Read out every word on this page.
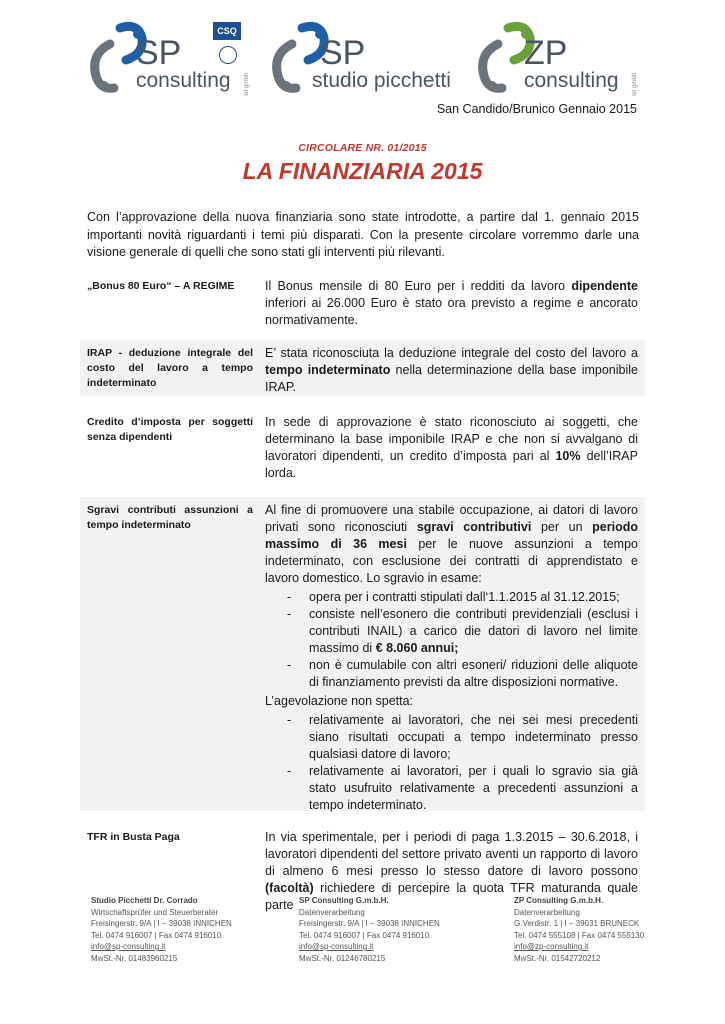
SP
consulting srl gmbh
CSQ
SP
studio picchetti
ZP
consulting srl gmbh
San Candido/Brunico Gennaio 2015
CIRCOLARE NR. 01/2015
LA FINANZIARIA 2015
Con l’approvazione della nuova finanziaria sono state introdotte, a partire dal 1. gennaio 2015 importanti novità riguardanti i temi più disparati. Con la presente circolare vorremmo darle una visione generale di quelli che sono stati gli interventi più rilevanti.
„Bonus 80 Euro“ – A REGIME	Il Bonus mensile di 80 Euro per i redditi da lavoro dipendente inferiori ai 26.000 Euro è stato ora previsto a regime e ancorato normativamente.
IRAP - deduzione integrale del costo del lavoro a tempo indeterminato
E’ stata riconosciuta la deduzione integrale del costo del lavoro a tempo indeterminato nella determinazione della base imponibile IRAP.
Credito d’imposta per soggetti senza dipendenti
In sede di approvazione è stato riconosciuto ai soggetti, che determinano la base imponibile IRAP e che non si avvalgano di lavoratori dipendenti, un credito d’imposta pari al 10% dell’IRAP lorda.
Sgravi contributi assunzioni a tempo indeterminato

Al fine di promuovere una stabile occupazione, ai datori di lavoro privati sono riconosciuti sgravi contributivi per un periodo massimo di 36 mesi per le nuove assunzioni a tempo indeterminato, con esclusione dei contratti di apprendistato e lavoro domestico. Lo sgravio in esame:

- opera per i contratti stipulati dall‘1.1.2015 al 31.12.2015;
- consiste nell’esonero die contributi previdenziali (esclusi i contributi INAIL) a carico die datori di lavoro nel limite massimo di € 8.060 annui;
- non è cumulabile con altri esoneri/ riduzioni delle aliquote di finanziamento previsti da altre disposizioni normative.

L’agevolazione non spetta:

- relativamente ai lavoratori, che nei sei mesi precedenti siano risultati occupati a tempo indeterminato presso qualsiasi datore di lavoro;
- relativamente ai lavoratori, per i quali lo sgravio sia già stato usufruito relativamente a precedenti assunzioni a tempo indeterminato.
TFR in Busta Paga	In via sperimentale, per i periodi di paga 1.3.2015 – 30.6.2018, i lavoratori dipendenti del settore privato aventi un rapporto di lavoro di almeno 6 mesi presso lo stesso datore di lavoro possono (facoltà) richiedere di percepire la quota TFR maturanda quale parte
Studio Picchetti Dr. Corrado
Wirtschaftsprüfer und Steuerberater
Freisingerstr. 9/A | I – 39038 INNICHEN
Tel. 0474 916007 | Fax 0474 916010
info@sp-consulting.it
MwSt.-Nr. 01483960215
SP Consulting G.m.b.H.
Datenverarbeitung
Freisingerstr. 9/A | I – 39038 INNICHEN
Tel. 0474 916007 | Fax 0474 916010
info@sp-consulting.it
MwSt.-Nr. 01246780215
ZP Consulting G.m.b.H.
Datenverarbeitung
G.Verdistr. 1 | I – 39031 BRUNECK
Tel. 0474 555108 | Fax 0474 555130
info@zp-consulting.it
MwSt.-Nr. 01542720212
